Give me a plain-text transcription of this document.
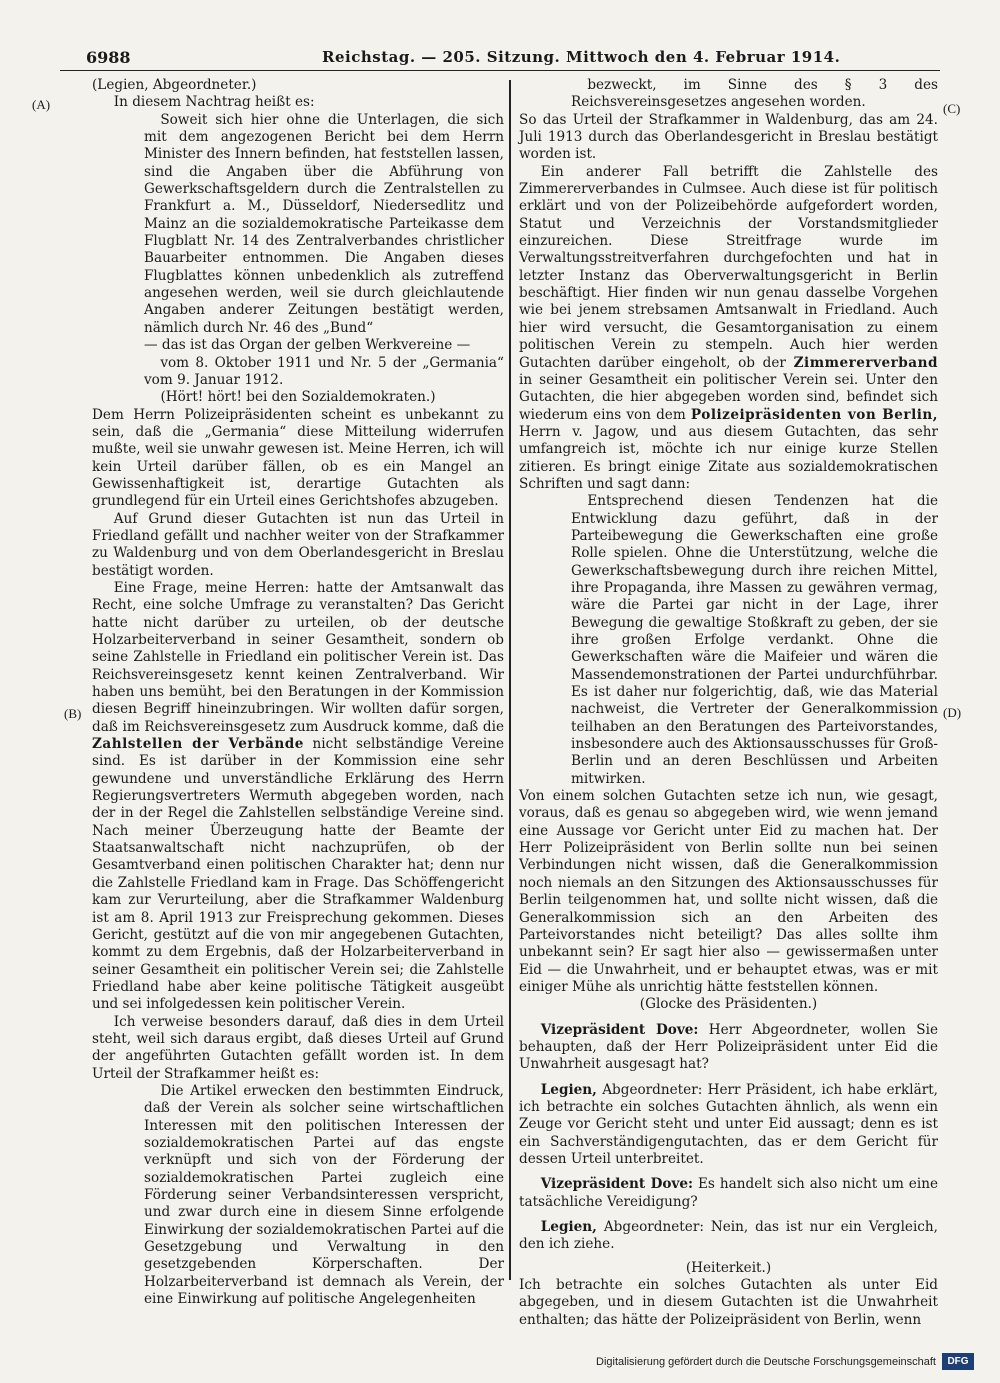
6988	Reichstag. — 205. Sitzung. Mittwoch den 4. Februar 1914.
(A)
(B)
(C)
(D)

(Legien, Abgeordneter.)

In diesem Nachtrag heißt es:

Soweit sich hier ohne die Unterlagen, die sich mit dem angezogenen Bericht bei dem Herrn Minister des Innern befinden, hat feststellen lassen, sind die Angaben über die Abführung von Gewerkschaftsgeldern durch die Zentralstellen zu Frankfurt a. M., Düsseldorf, Niedersedlitz und Mainz an die sozialdemokratische Parteikasse dem Flugblatt Nr. 14 des Zentralverbandes christlicher Bauarbeiter entnommen. Die Angaben dieses Flugblattes können unbedenklich als zutreffend angesehen werden, weil sie durch gleichlautende Angaben anderer Zeitungen bestätigt werden, nämlich durch Nr. 46 des „Bund“

— das ist das Organ der gelben Werkvereine —

vom 8. Oktober 1911 und Nr. 5 der „Germania“ vom 9. Januar 1912.

(Hört! hört! bei den Sozialdemokraten.)

Dem Herrn Polizeipräsidenten scheint es unbekannt zu sein, daß die „Germania“ diese Mitteilung widerrufen mußte, weil sie unwahr gewesen ist. Meine Herren, ich will kein Urteil darüber fällen, ob es ein Mangel an Gewissenhaftigkeit ist, derartige Gutachten als grundlegend für ein Urteil eines Gerichtshofes abzugeben.

Auf Grund dieser Gutachten ist nun das Urteil in Friedland gefällt und nachher weiter von der Strafkammer zu Waldenburg und von dem Oberlandesgericht in Breslau bestätigt worden.

Eine Frage, meine Herren: hatte der Amtsanwalt das Recht, eine solche Umfrage zu veranstalten? Das Gericht hatte nicht darüber zu urteilen, ob der deutsche Holzarbeiterverband in seiner Gesamtheit, sondern ob seine Zahlstelle in Friedland ein politischer Verein ist. Das Reichsvereinsgesetz kennt keinen Zentralverband. Wir haben uns bemüht, bei den Beratungen in der Kommission diesen Begriff hineinzubringen. Wir wollten dafür sorgen, daß im Reichsvereinsgesetz zum Ausdruck komme, daß die Zahlstellen der Verbände nicht selbständige Vereine sind. Es ist darüber in der Kommission eine sehr gewundene und unverständliche Erklärung des Herrn Regierungsvertreters Wermuth abgegeben worden, nach der in der Regel die Zahlstellen selbständige Vereine sind. Nach meiner Überzeugung hatte der Beamte der Staatsanwaltschaft nicht nachzuprüfen, ob der Gesamtverband einen politischen Charakter hat; denn nur die Zahlstelle Friedland kam in Frage. Das Schöffengericht kam zur Verurteilung, aber die Strafkammer Waldenburg ist am 8. April 1913 zur Freisprechung gekommen. Dieses Gericht, gestützt auf die von mir angegebenen Gutachten, kommt zu dem Ergebnis, daß der Holzarbeiterverband in seiner Gesamtheit ein politischer Verein sei; die Zahlstelle Friedland habe aber keine politische Tätigkeit ausgeübt und sei infolgedessen kein politischer Verein.

Ich verweise besonders darauf, daß dies in dem Urteil steht, weil sich daraus ergibt, daß dieses Urteil auf Grund der angeführten Gutachten gefällt worden ist. In dem Urteil der Strafkammer heißt es:

Die Artikel erwecken den bestimmten Eindruck, daß der Verein als solcher seine wirtschaftlichen Interessen mit den politischen Interessen der sozialdemokratischen Partei auf das engste verknüpft und sich von der Förderung der sozialdemokratischen Partei zugleich eine Förderung seiner Verbandsinteressen verspricht, und zwar durch eine in diesem Sinne erfolgende Einwirkung der sozialdemokratischen Partei auf die Gesetzgebung und Verwaltung in den gesetzgebenden Körperschaften. Der Holzarbeiterverband ist demnach als Verein, der eine Einwirkung auf politische Angelegenheiten

bezweckt, im Sinne des § 3 des Reichsvereinsgesetzes angesehen worden.

So das Urteil der Strafkammer in Waldenburg, das am 24. Juli 1913 durch das Oberlandesgericht in Breslau bestätigt worden ist.

Ein anderer Fall betrifft die Zahlstelle des Zimmererverbandes in Culmsee. Auch diese ist für politisch erklärt und von der Polizeibehörde aufgefordert worden, Statut und Verzeichnis der Vorstandsmitglieder einzureichen. Diese Streitfrage wurde im Verwaltungsstreitverfahren durchgefochten und hat in letzter Instanz das Oberverwaltungsgericht in Berlin beschäftigt. Hier finden wir nun genau dasselbe Vorgehen wie bei jenem strebsamen Amtsanwalt in Friedland. Auch hier wird versucht, die Gesamtorganisation zu einem politischen Verein zu stempeln. Auch hier werden Gutachten darüber eingeholt, ob der Zimmererverband in seiner Gesamtheit ein politischer Verein sei. Unter den Gutachten, die hier abgegeben worden sind, befindet sich wiederum eins von dem Polizeipräsidenten von Berlin, Herrn v. Jagow, und aus diesem Gutachten, das sehr umfangreich ist, möchte ich nur einige kurze Stellen zitieren. Es bringt einige Zitate aus sozialdemokratischen Schriften und sagt dann:

Entsprechend diesen Tendenzen hat die Entwicklung dazu geführt, daß in der Parteibewegung die Gewerkschaften eine große Rolle spielen. Ohne die Unterstützung, welche die Gewerkschaftsbewegung durch ihre reichen Mittel, ihre Propaganda, ihre Massen zu gewähren vermag, wäre die Partei gar nicht in der Lage, ihrer Bewegung die gewaltige Stoßkraft zu geben, der sie ihre großen Erfolge verdankt. Ohne die Gewerkschaften wäre die Maifeier und wären die Massendemonstrationen der Partei undurchführbar. Es ist daher nur folgerichtig, daß, wie das Material nachweist, die Vertreter der Generalkommission teilhaben an den Beratungen des Parteivorstandes, insbesondere auch des Aktionsausschusses für Groß-Berlin und an deren Beschlüssen und Arbeiten mitwirken.

Von einem solchen Gutachten setze ich nun, wie gesagt, voraus, daß es genau so abgegeben wird, wie wenn jemand eine Aussage vor Gericht unter Eid zu machen hat. Der Herr Polizeipräsident von Berlin sollte nun bei seinen Verbindungen nicht wissen, daß die Generalkommission noch niemals an den Sitzungen des Aktionsausschusses für Berlin teilgenommen hat, und sollte nicht wissen, daß die Generalkommission sich an den Arbeiten des Parteivorstandes nicht beteiligt? Das alles sollte ihm unbekannt sein? Er sagt hier also — gewissermaßen unter Eid — die Unwahrheit, und er behauptet etwas, was er mit einiger Mühe als unrichtig hätte feststellen können.

(Glocke des Präsidenten.)

Vizepräsident Dove: Herr Abgeordneter, wollen Sie behaupten, daß der Herr Polizeipräsident unter Eid die Unwahrheit ausgesagt hat?

Legien, Abgeordneter: Herr Präsident, ich habe erklärt, ich betrachte ein solches Gutachten ähnlich, als wenn ein Zeuge vor Gericht steht und unter Eid aussagt; denn es ist ein Sachverständigengutachten, das er dem Gericht für dessen Urteil unterbreitet.

Vizepräsident Dove: Es handelt sich also nicht um eine tatsächliche Vereidigung?

Legien, Abgeordneter: Nein, das ist nur ein Vergleich, den ich ziehe.

(Heiterkeit.)

Ich betrachte ein solches Gutachten als unter Eid abgegeben, und in diesem Gutachten ist die Unwahrheit enthalten; das hätte der Polizeipräsident von Berlin, wenn

Digitalisierung gefördert durch die Deutsche Forschungsgemeinschaft	DFG
